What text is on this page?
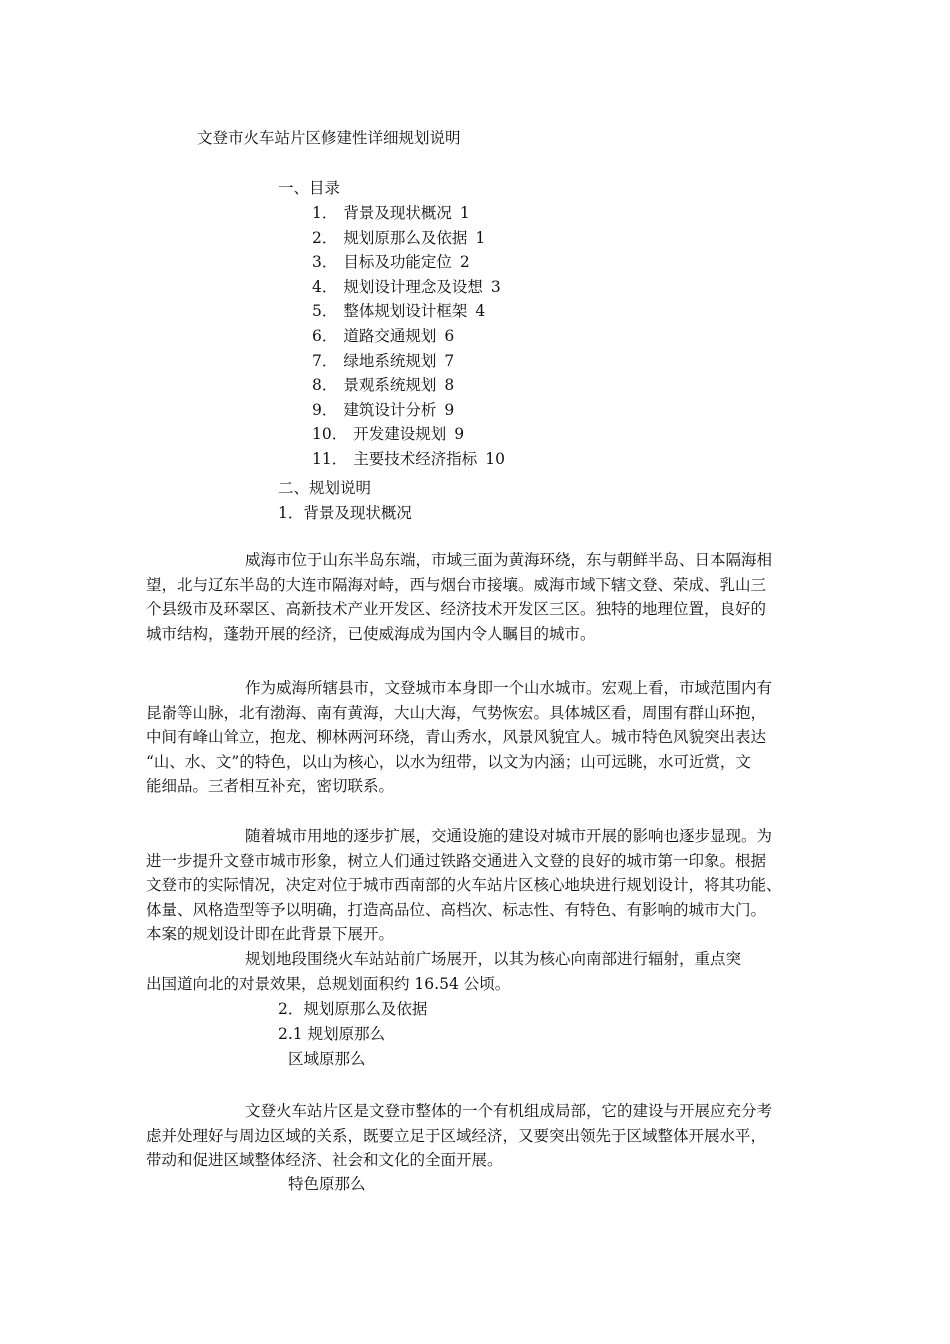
文登市火车站片区修建性详细规划说明
一、目录
1． 背景及现状概况 1
2． 规划原那么及依据 1
3． 目标及功能定位 2
4． 规划设计理念及设想 3
5． 整体规划设计框架 4
6． 道路交通规划 6
7． 绿地系统规划 7
8． 景观系统规划 8
9． 建筑设计分析 9
10． 开发建设规划 9
11． 主要技术经济指标 10
二、规划说明
1．背景及现状概况
威海市位于山东半岛东端，市域三面为黄海环绕，东与朝鲜半岛、日本隔海相
望，北与辽东半岛的大连市隔海对峙，西与烟台市接壤。威海市域下辖文登、荣成、乳山三
个县级市及环翠区、高新技术产业开发区、经济技术开发区三区。独特的地理位置，良好的
城市结构，蓬勃开展的经济，已使威海成为国内令人瞩目的城市。
作为威海所辖县市，文登城市本身即一个山水城市。宏观上看，市域范围内有
昆嵛等山脉，北有渤海、南有黄海，大山大海，气势恢宏。具体城区看，周围有群山环抱，
中间有峰山耸立，抱龙、柳林两河环绕，青山秀水，风景风貌宜人。城市特色风貌突出表达
“山、水、文”的特色，以山为核心，以水为纽带，以文为内涵；山可远眺，水可近赏，文
能细品。三者相互补充，密切联系。
随着城市用地的逐步扩展，交通设施的建设对城市开展的影响也逐步显现。为
进一步提升文登市城市形象，树立人们通过铁路交通进入文登的良好的城市第一印象。根据
文登市的实际情况，决定对位于城市西南部的火车站片区核心地块进行规划设计，将其功能、
体量、风格造型等予以明确，打造高品位、高档次、标志性、有特色、有影响的城市大门。
本案的规划设计即在此背景下展开。
规划地段围绕火车站站前广场展开，以其为核心向南部进行辐射，重点突
出国道向北的对景效果，总规划面积约 16.54 公顷。
2．规划原那么及依据
2.1 规划原那么
区域原那么
文登火车站片区是文登市整体的一个有机组成局部，它的建设与开展应充分考
虑并处理好与周边区域的关系，既要立足于区域经济，又要突出领先于区域整体开展水平，
带动和促进区域整体经济、社会和文化的全面开展。
特色原那么
